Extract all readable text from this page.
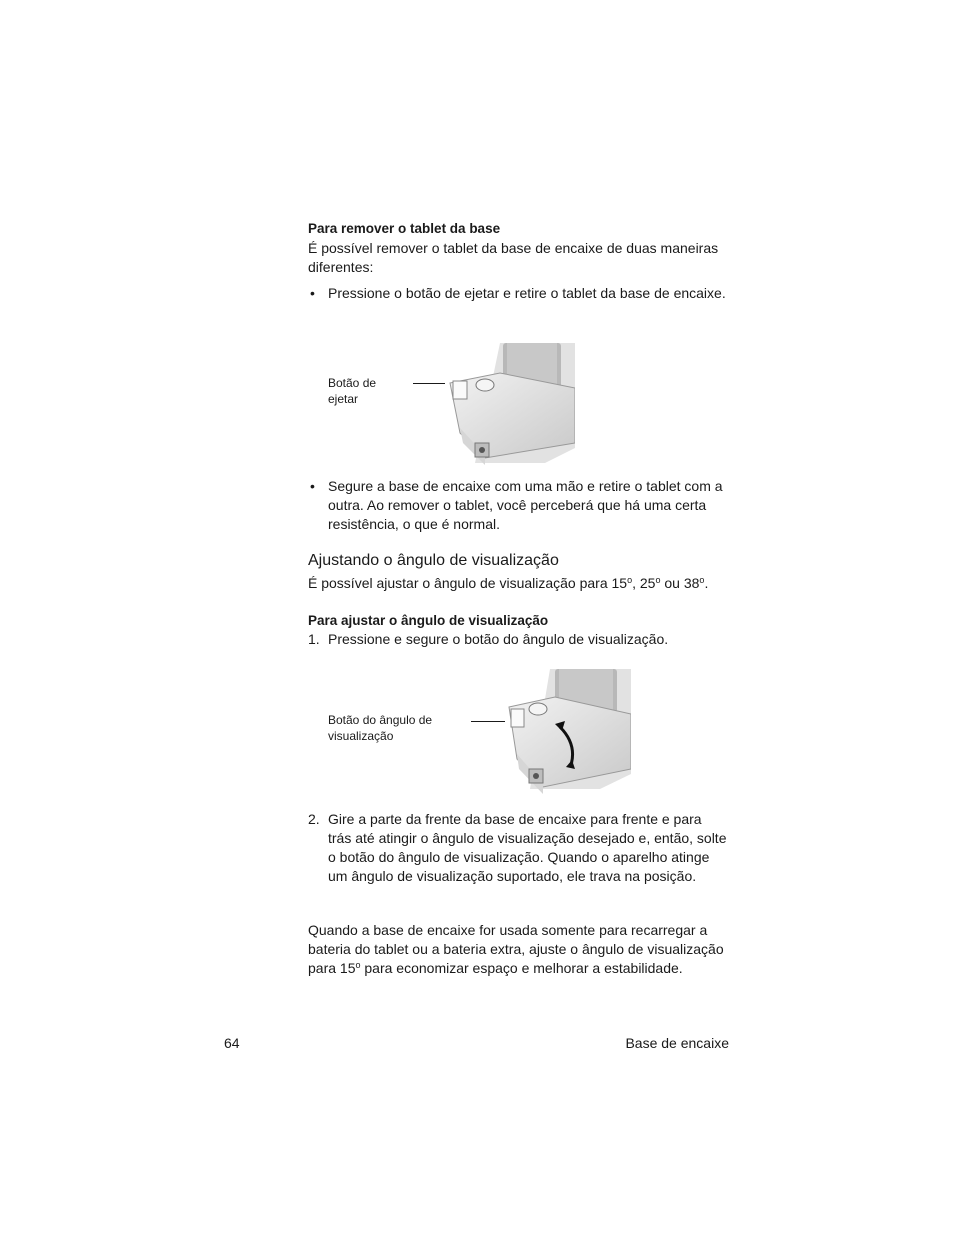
Para remover o tablet da base
É possível remover o tablet da base de encaixe de duas maneiras diferentes:
• Pressione o botão de ejetar e retire o tablet da base de encaixe.
Botão de ejetar
• Segure a base de encaixe com uma mão e retire o tablet com a outra. Ao remover o tablet, você perceberá que há uma certa resistência, o que é normal.
Ajustando o ângulo de visualização
É possível ajustar o ângulo de visualização para 15$^o$, 25$^o$ ou 38$^o$.
Para ajustar o ângulo de visualização
1. Pressione e segure o botão do ângulo de visualização.
Botão do ângulo de visualização
2. Gire a parte da frente da base de encaixe para frente e para trás até atingir o ângulo de visualização desejado e, então, solte o botão do ângulo de visualização. Quando o aparelho atinge um ângulo de visualização suportado, ele trava na posição.
Quando a base de encaixe for usada somente para recarregar a bateria do tablet ou a bateria extra, ajuste o ângulo de visualização para 15$^o$ para economizar espaço e melhorar a estabilidade.
64	Base de encaixe
